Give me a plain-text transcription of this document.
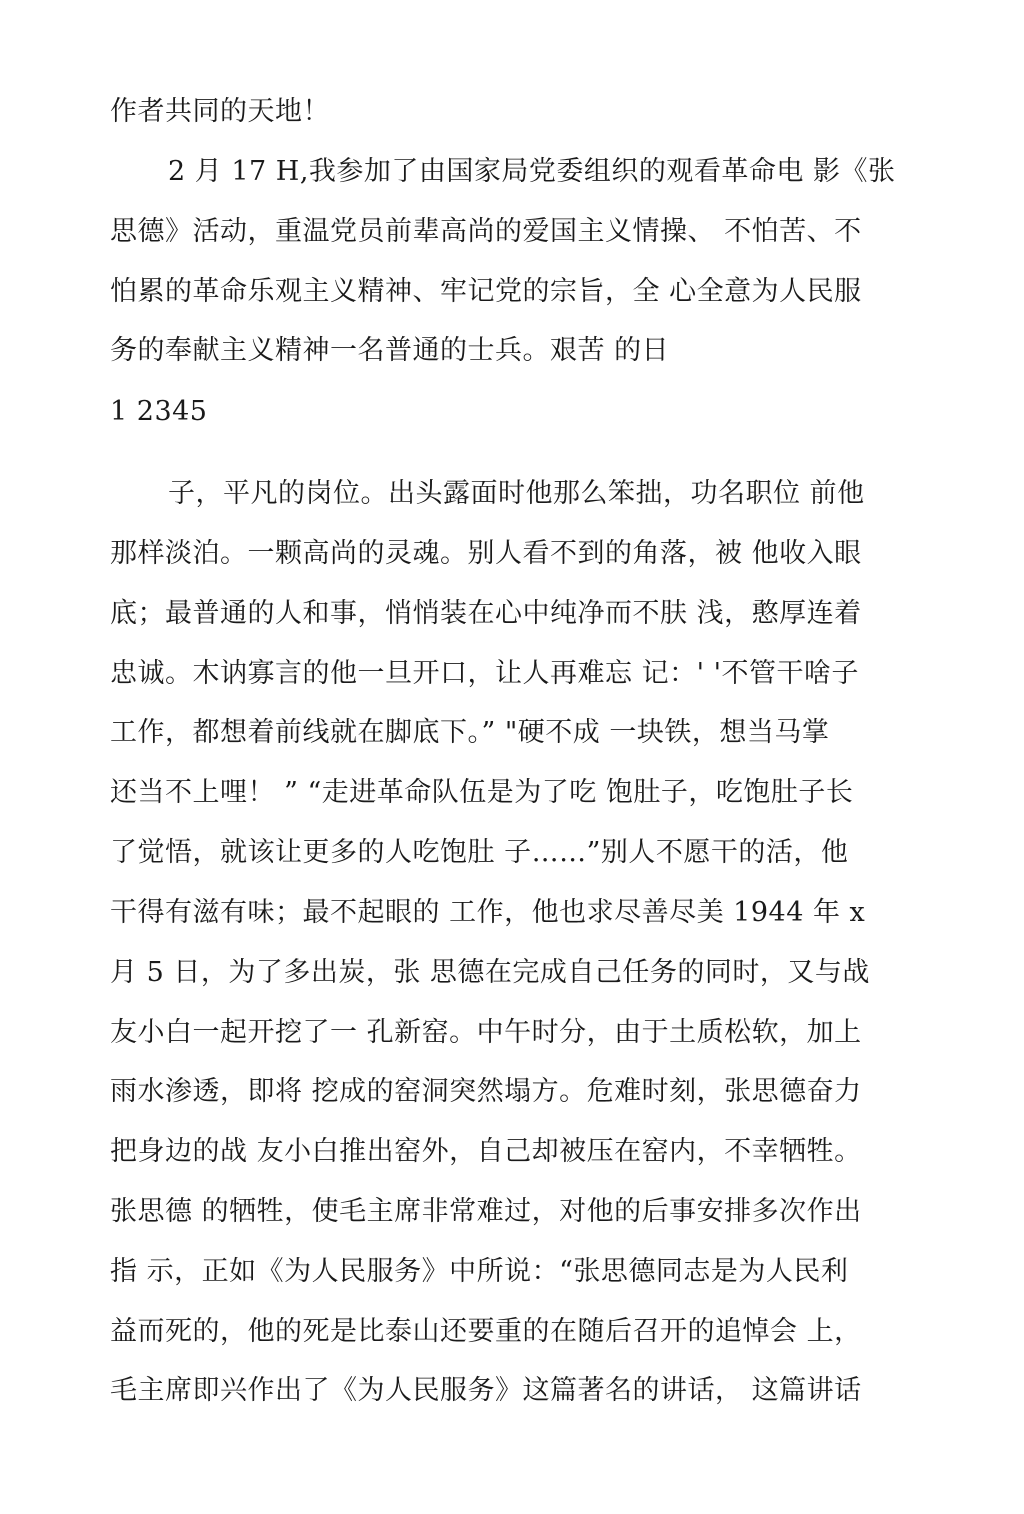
作者共同的天地！
2 月 17 H,我参加了由国家局党委组织的观看革命电 影《张
思德》活动，重温党员前辈高尚的爱国主义情操、 不怕苦、不
怕累的革命乐观主义精神、牢记党的宗旨，全 心全意为人民服
务的奉献主义精神一名普通的士兵。艰苦 的日
1 2345
子，平凡的岗位。出头露面时他那么笨拙，功名职位 前他
那样淡泊。一颗高尚的灵魂。别人看不到的角落，被 他收入眼
底；最普通的人和事，悄悄装在心中纯净而不肤 浅，憨厚连着
忠诚。木讷寡言的他一旦开口，让人再难忘 记：' '不管干啥子
工作，都想着前线就在脚底下。” "硬不成 一块铁，想当马掌
还当不上哩！ ” “走进革命队伍是为了吃 饱肚子，吃饱肚子长
了觉悟，就该让更多的人吃饱肚 子……”别人不愿干的活，他
干得有滋有味；最不起眼的 工作，他也求尽善尽美 1944 年 x
月 5 日，为了多出炭，张 思德在完成自己任务的同时，又与战
友小白一起开挖了一 孔新窑。中午时分，由于土质松软，加上
雨水渗透，即将 挖成的窑洞突然塌方。危难时刻，张思德奋力
把身边的战 友小白推出窑外，自己却被压在窑内，不幸牺牲。
张思德 的牺牲，使毛主席非常难过，对他的后事安排多次作出
指 示，正如《为人民服务》中所说：“张思德同志是为人民利
益而死的，他的死是比泰山还要重的在随后召开的追悼会 上，
毛主席即兴作出了《为人民服务》这篇著名的讲话， 这篇讲话
